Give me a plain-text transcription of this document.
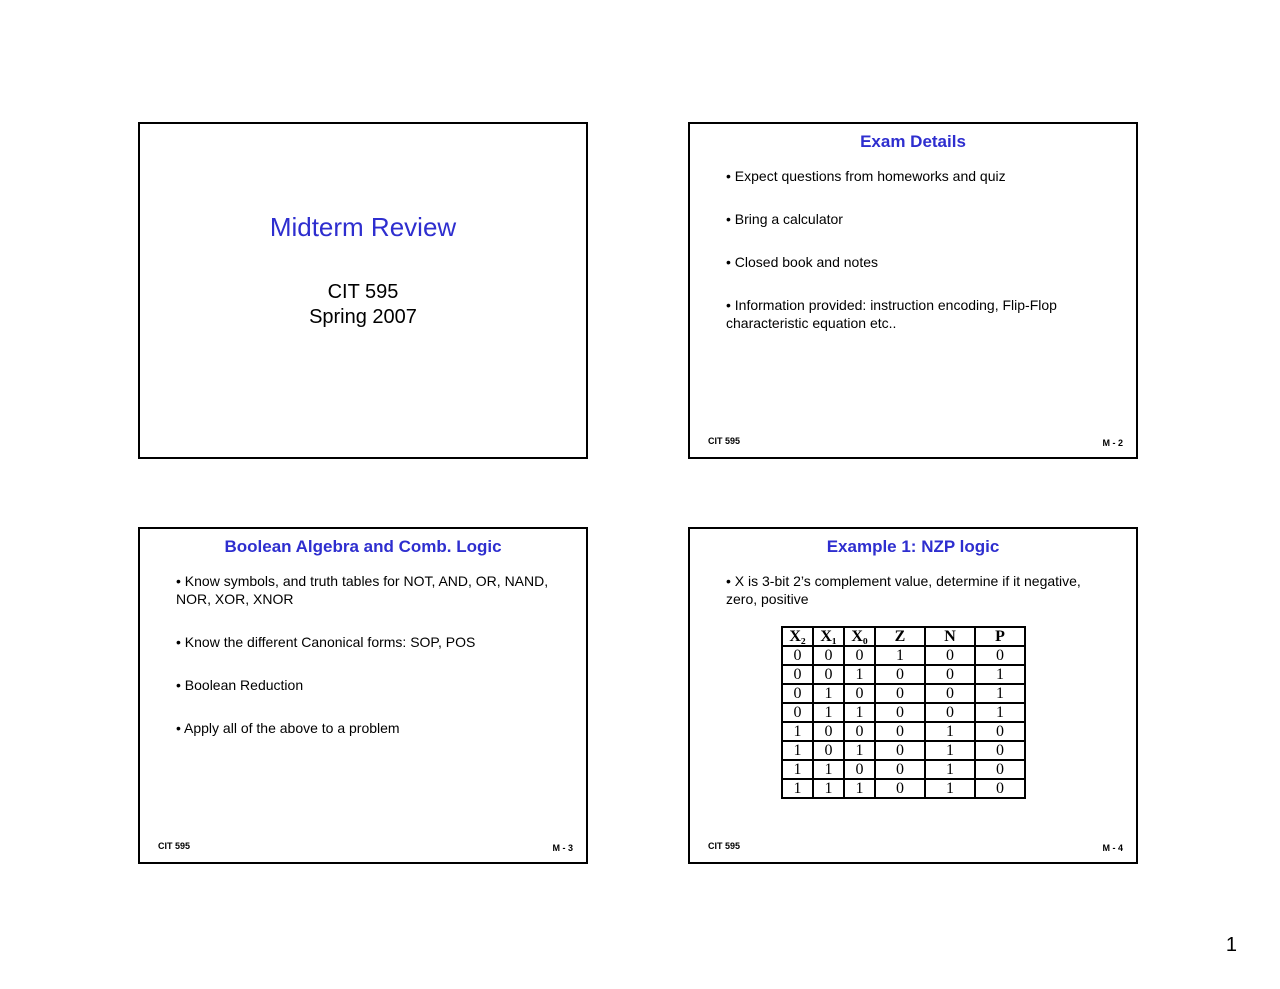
Midterm Review
CIT 595
Spring 2007
Exam Details
• Expect questions from homeworks and quiz
• Bring a calculator
• Closed book and notes
• Information provided: instruction encoding, Flip-Flop characteristic equation etc..
CIT 595	M - 2
Boolean Algebra and Comb. Logic
• Know symbols, and truth tables for NOT, AND, OR, NAND, NOR, XOR, XNOR
• Know the different Canonical forms: SOP, POS
• Boolean Reduction
• Apply all of the above to a problem
CIT 595	M - 3
Example 1: NZP logic
• X is 3-bit 2’s complement value, determine if it negative, zero, positive
X₂	X₁	X₀	Z	N	P
0	0	0	1	0	0
0	0	1	0	0	1
0	1	0	0	0	1
0	1	1	0	0	1
1	0	0	0	1	0
1	0	1	0	1	0
1	1	0	0	1	0
1	1	1	0	1	0
CIT 595	M - 4
1
